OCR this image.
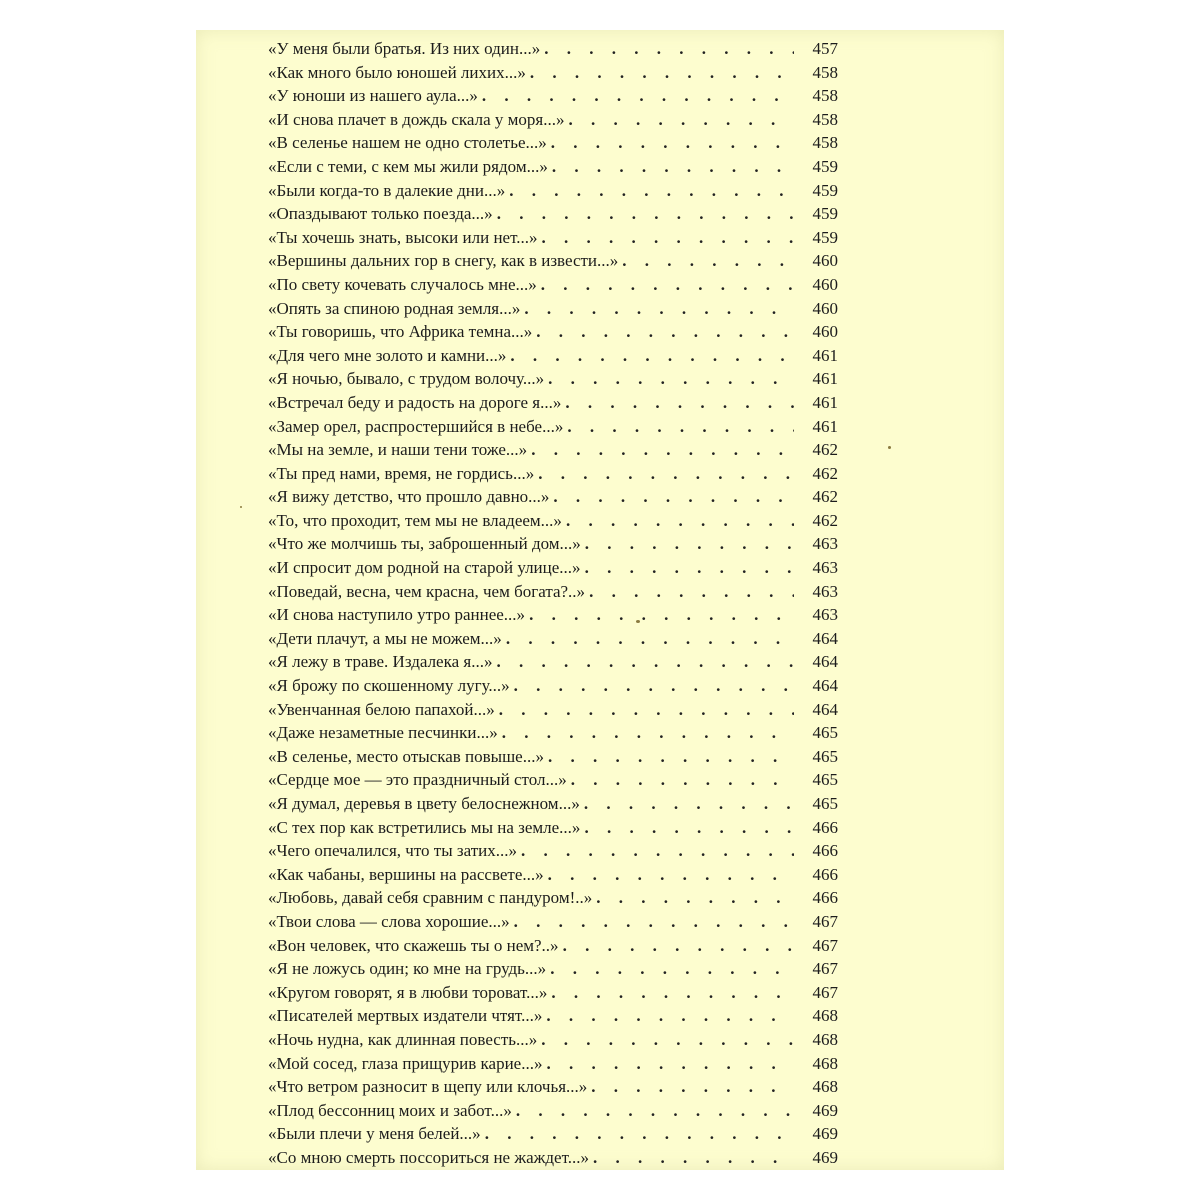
«У меня были братья. Из них один...» . . .	457
«Как много было юношей лихих...» . . .	458
«У юноши из нашего аула...» . . .	458
«И снова плачет в дождь скала у моря...» . . .	458
«В селенье нашем не одно столетье...» . . .	458
«Если с теми, с кем мы жили рядом...» . . .	459
«Были когда-то в далекие дни...» . . .	459
«Опаздывают только поезда...» . . .	459
«Ты хочешь знать, высоки или нет...» . . .	459
«Вершины дальних гор в снегу, как в извести...» . . .	460
«По свету кочевать случалось мне...» . . .	460
«Опять за спиною родная земля...» . . .	460
«Ты говоришь, что Африка темна...» . . .	460
«Для чего мне золото и камни...» . . .	461
«Я ночью, бывало, с трудом волочу...» . . .	461
«Встречал беду и радость на дороге я...» . . .	461
«Замер орел, распростершийся в небе...» . . .	461
«Мы на земле, и наши тени тоже...» . . .	462
«Ты пред нами, время, не гордись...» . . .	462
«Я вижу детство, что прошло давно...» . . .	462
«То, что проходит, тем мы не владеем...» . . .	462
«Что же молчишь ты, заброшенный дом...» . . .	463
«И спросит дом родной на старой улице...» . . .	463
«Поведай, весна, чем красна, чем богата?..» . . .	463
«И снова наступило утро раннее...» . . .	463
«Дети плачут, а мы не можем...» . . .	464
«Я лежу в траве. Издалека я...» . . .	464
«Я брожу по скошенному лугу...» . . .	464
«Увенчанная белою папахой...» . . .	464
«Даже незаметные песчинки...» . . .	465
«В селенье, место отыскав повыше...» . . .	465
«Сердце мое — это праздничный стол...» . . .	465
«Я думал, деревья в цвету белоснежном...» . . .	465
«С тех пор как встретились мы на земле...» . . .	466
«Чего опечалился, что ты затих...» . . .	466
«Как чабаны, вершины на рассвете...» . . .	466
«Любовь, давай себя сравним с пандуром!..» . . .	466
«Твои слова — слова хорошие...» . . .	467
«Вон человек, что скажешь ты о нем?..» . . .	467
«Я не ложусь один; ко мне на грудь...» . . .	467
«Кругом говорят, я в любви тороват...» . . .	467
«Писателей мертвых издатели чтят...» . . .	468
«Ночь нудна, как длинная повесть...» . . .	468
«Мой сосед, глаза прищурив карие...» . . .	468
«Что ветром разносит в щепу или клочья...» . . .	468
«Плод бессонниц моих и забот...» . . .	469
«Были плечи у меня белей...» . . .	469
«Со мною смерть поссориться не жаждет...» . . .	469
